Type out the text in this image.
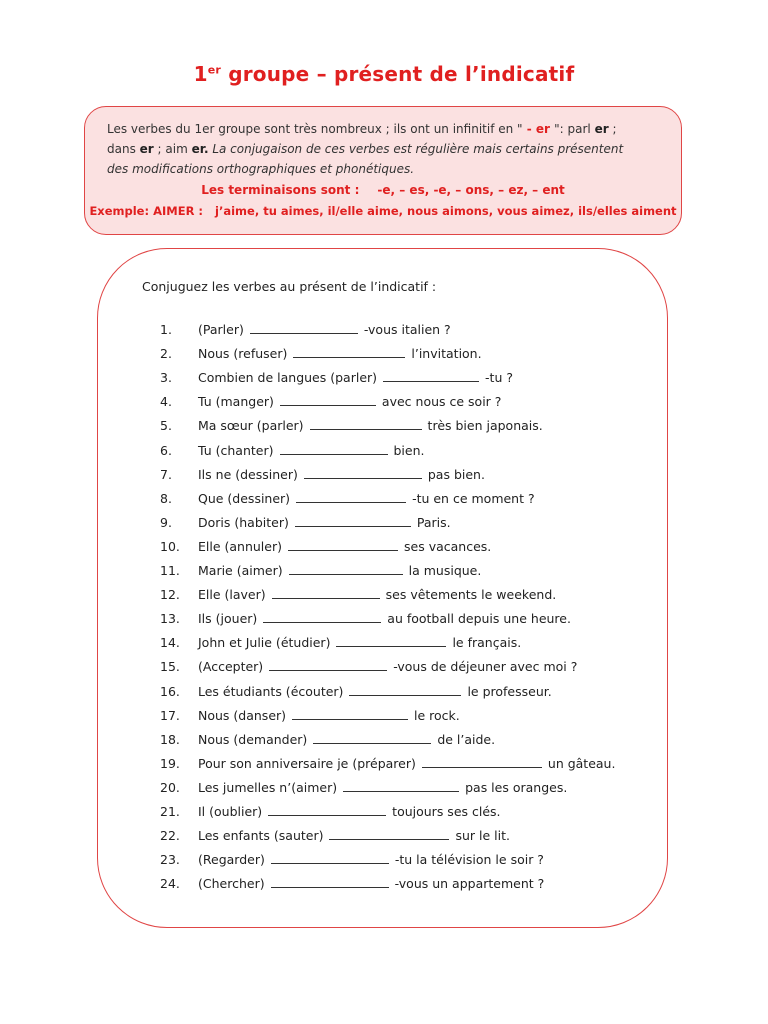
1er groupe – présent de l’indicatif
Les verbes du 1er groupe sont très nombreux ; ils ont un infinitif en " - er ": parl er ;
dans er ; aim er. La conjugaison de ces verbes est régulière mais certains présentent
des modifications orthographiques et phonétiques.
Les terminaisons sont : -e, – es, -e, – ons, – ez, – ent
Exemple: AIMER : j’aime, tu aimes, il/elle aime, nous aimons, vous aimez, ils/elles aiment
Conjuguez les verbes au présent de l’indicatif :
1. (Parler)	-vous italien ?
2. Nous (refuser)	l’invitation.
3. Combien de langues (parler)	-tu ?
4. Tu (manger)	avec nous ce soir ?
5. Ma sœur (parler)	très bien japonais.
6. Tu (chanter)	bien.
7. Ils ne (dessiner)	pas bien.
8. Que (dessiner)	-tu en ce moment ?
9. Doris (habiter)	Paris.
10. Elle (annuler)	ses vacances.
11. Marie (aimer)	la musique.
12. Elle (laver)	ses vêtements le weekend.
13. Ils (jouer)	au football depuis une heure.
14. John et Julie (étudier)	le français.
15. (Accepter)	-vous de déjeuner avec moi ?
16. Les étudiants (écouter)	le professeur.
17. Nous (danser)	le rock.
18. Nous (demander)	de l’aide.
19. Pour son anniversaire je (préparer)	un gâteau.
20. Les jumelles n’(aimer)	pas les oranges.
21. Il (oublier)	toujours ses clés.
22. Les enfants (sauter)	sur le lit.
23. (Regarder)	-tu la télévision le soir ?
24. (Chercher)	-vous un appartement ?
